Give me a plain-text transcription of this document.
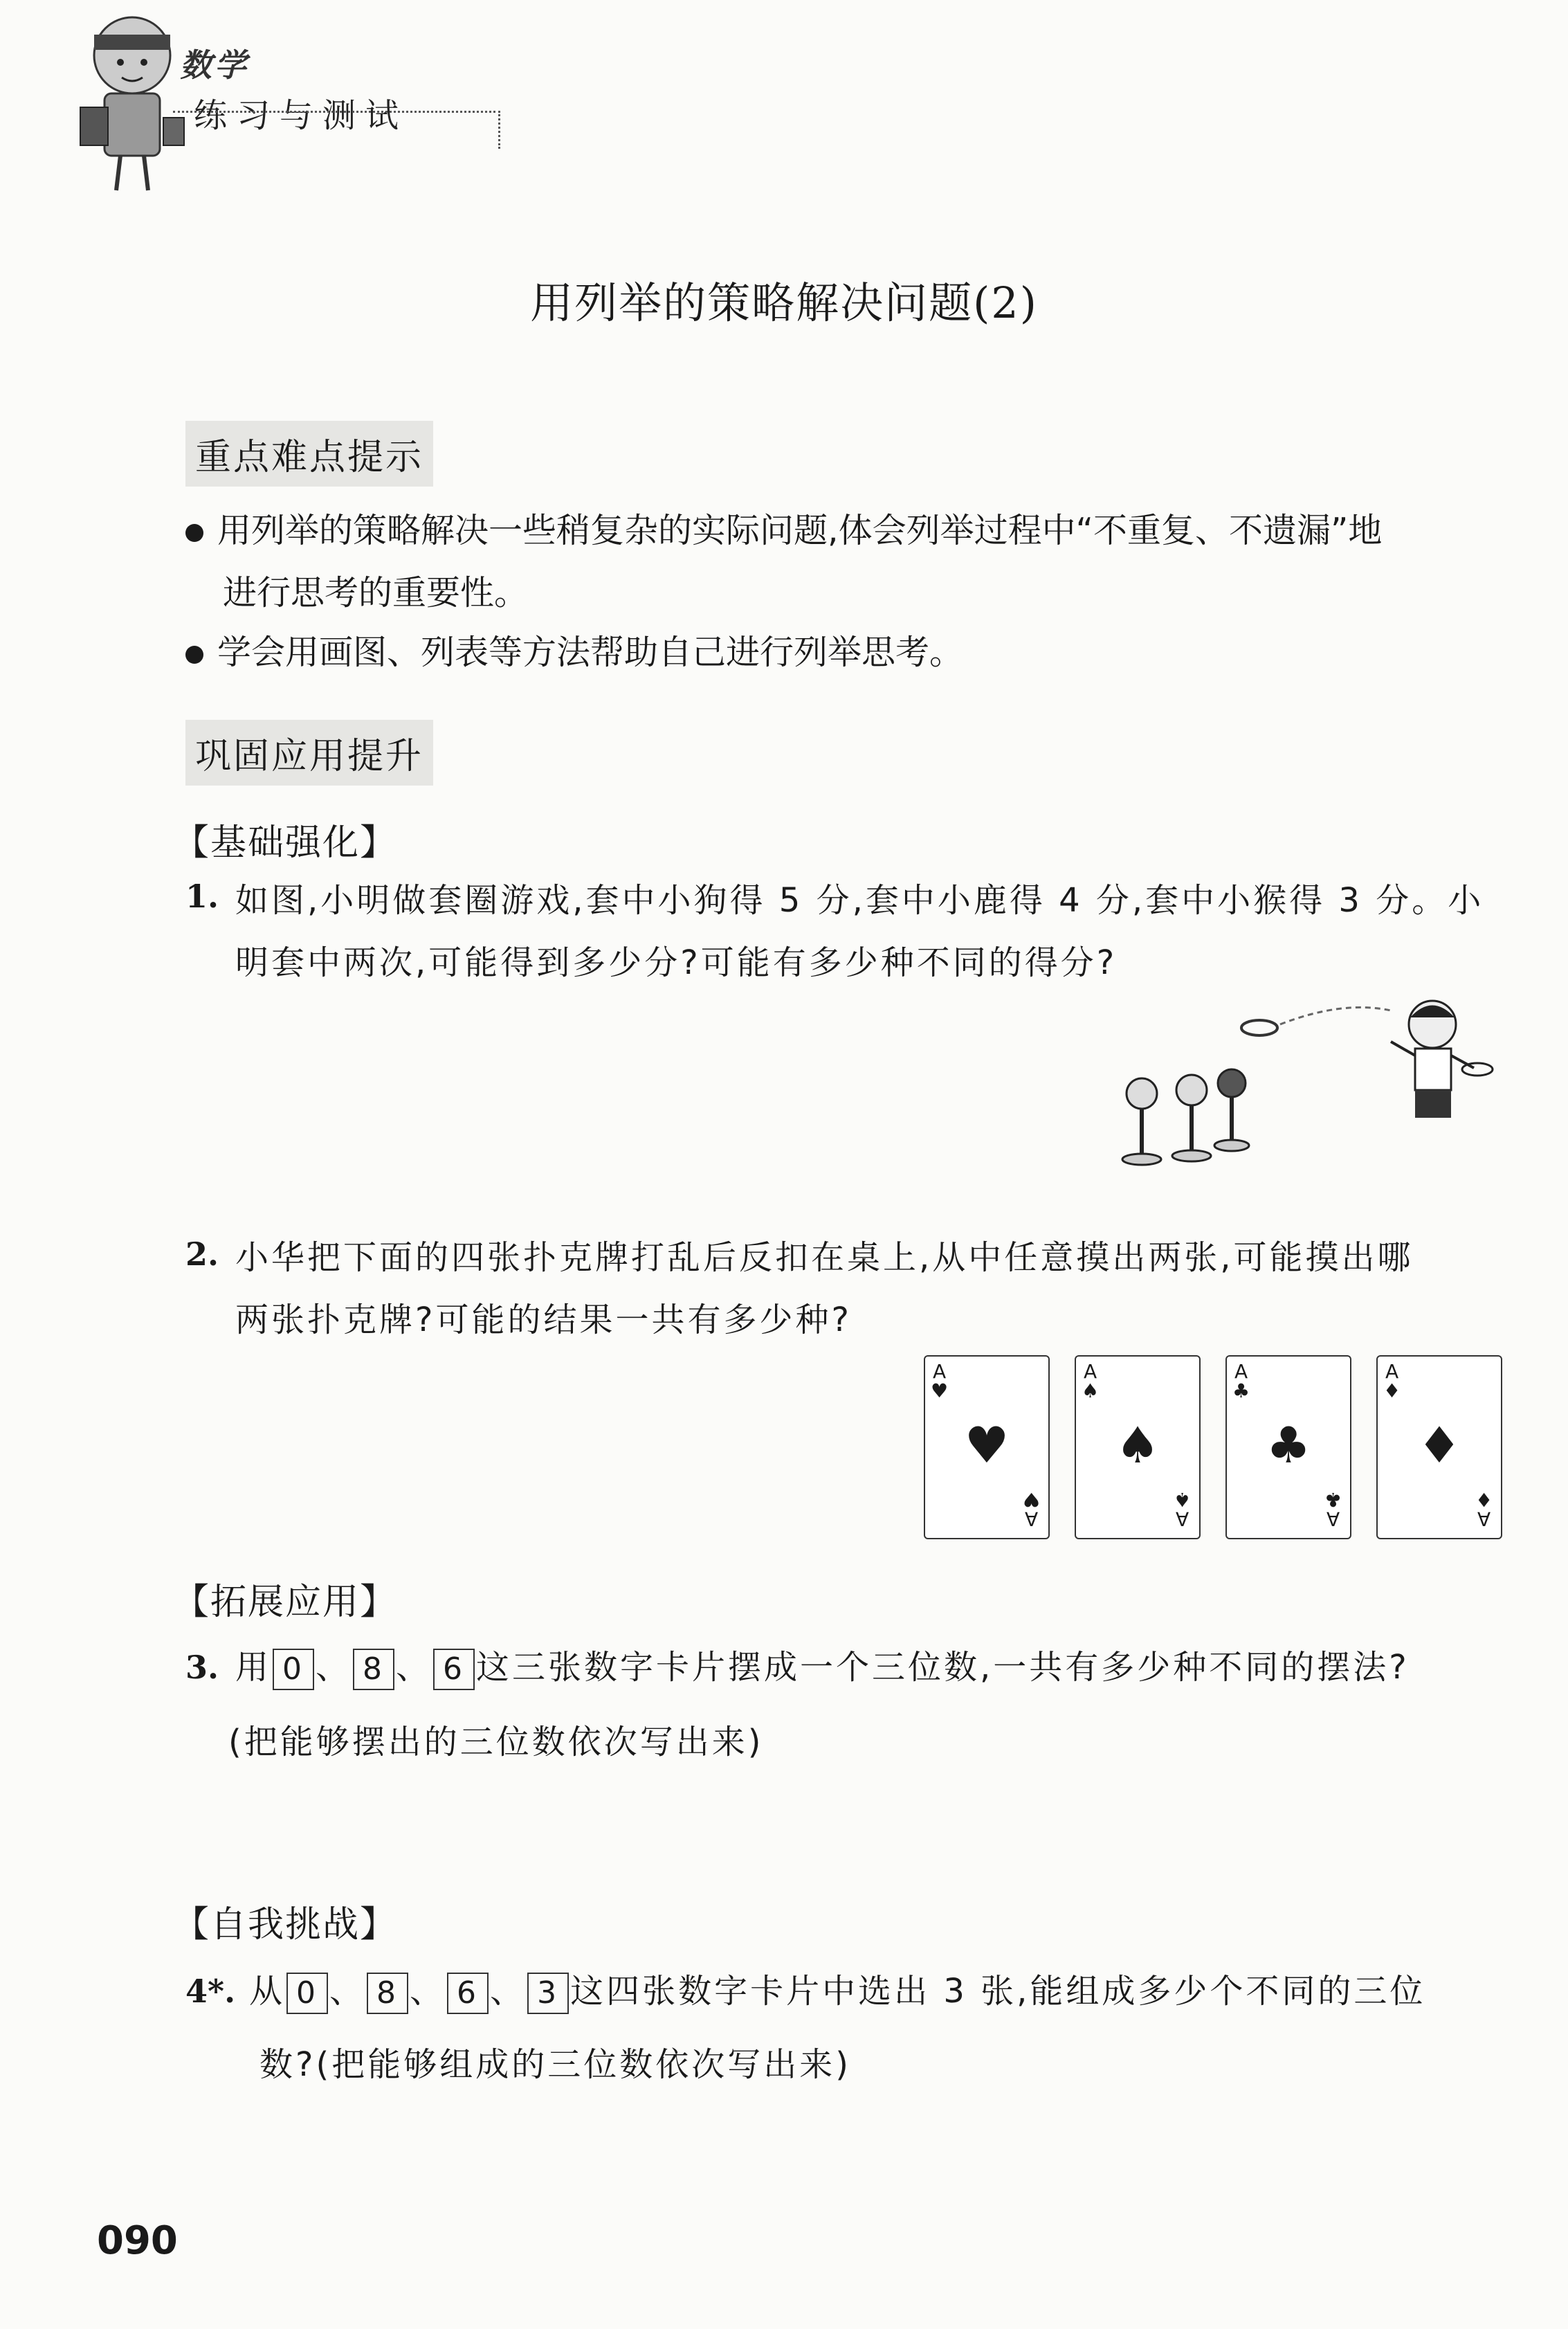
数学
练习与测试
用列举的策略解决问题(2)
重点难点提示
用列举的策略解决一些稍复杂的实际问题,体会列举过程中“不重复、不遗漏”地
进行思考的重要性。
学会用画图、列表等方法帮助自己进行列举思考。
巩固应用提升
【基础强化】
1. 如图,小明做套圈游戏,套中小狗得 5 分,套中小鹿得 4 分,套中小猴得 3 分。小
明套中两次,可能得到多少分?可能有多少种不同的得分?
2. 小华把下面的四张扑克牌打乱后反扣在桌上,从中任意摸出两张,可能摸出哪
两张扑克牌?可能的结果一共有多少种?
A
♥
♥
A
♥
A
♠
♠
A
♠
A
♣
♣
A
♣
A
♦
♦
A
♦
【拓展应用】
3. 用 0 、 8 、 6 这三张数字卡片摆成一个三位数,一共有多少种不同的摆法?
(把能够摆出的三位数依次写出来)
【自我挑战】
4*. 从 0 、 8 、 6 、 3 这四张数字卡片中选出 3 张,能组成多少个不同的三位
数?(把能够组成的三位数依次写出来)
090
